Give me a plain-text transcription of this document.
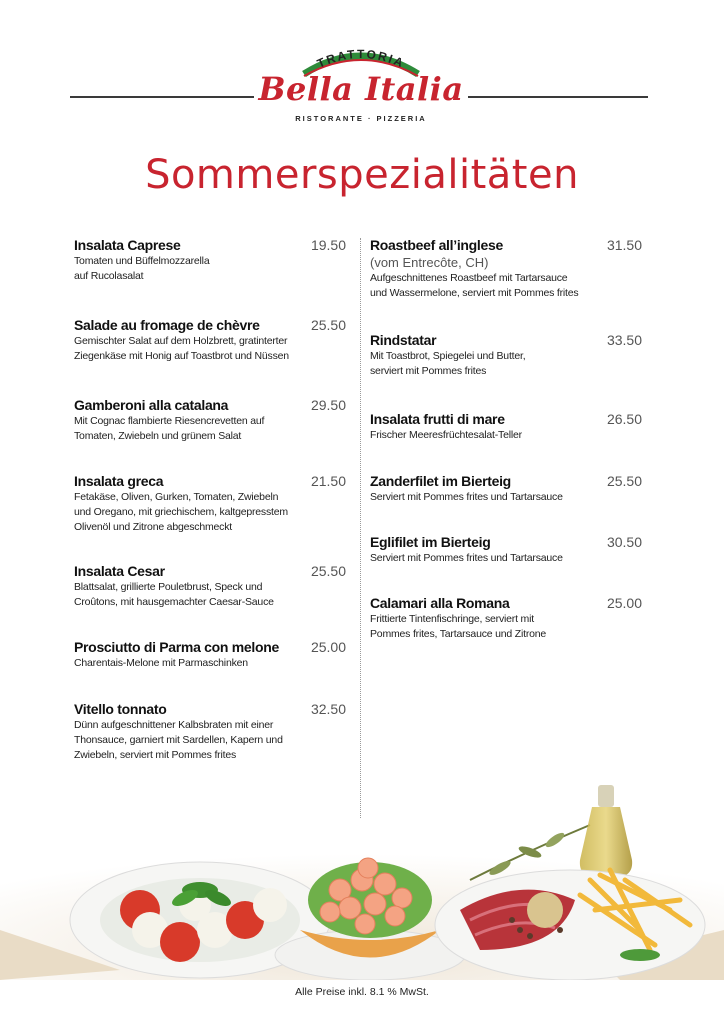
TRATTORIA
Bella Italia
RISTORANTE · PIZZERIA
Sommerspezialitäten
Insalata Caprese	19.50
Tomaten und Büffelmozzarella
auf Rucolasalat
Salade au fromage de chèvre	25.50
Gemischter Salat auf dem Holzbrett, gratinterter
Ziegenkäse mit Honig auf Toastbrot und Nüssen
Gamberoni alla catalana	29.50
Mit Cognac flambierte Riesencrevetten auf
Tomaten, Zwiebeln und grünem Salat
Insalata greca	21.50
Fetakäse, Oliven, Gurken, Tomaten, Zwiebeln
und Oregano, mit griechischem, kaltgepresstem
Olivenöl und Zitrone abgeschmeckt
Insalata Cesar	25.50
Blattsalat, grillierte Pouletbrust, Speck und
Croûtons, mit hausgemachter Caesar-Sauce
Prosciutto di Parma con melone	25.00
Charentais-Melone mit Parmaschinken
Vitello tonnato	32.50
Dünn aufgeschnittener Kalbsbraten mit einer
Thonsauce, garniert mit Sardellen, Kapern und
Zwiebeln, serviert mit Pommes frites
Roastbeef all’inglese	31.50
(vom Entrecôte, CH)
Aufgeschnittenes Roastbeef mit Tartarsauce
und Wassermelone, serviert mit Pommes frites
Rindstatar	33.50
Mit Toastbrot, Spiegelei und Butter,
serviert mit Pommes frites
Insalata frutti di mare	26.50
Frischer Meeresfrüchtesalat-Teller
Zanderfilet im Bierteig	25.50
Serviert mit Pommes frites und Tartarsauce
Eglifilet im Bierteig	30.50
Serviert mit Pommes frites und Tartarsauce
Calamari alla Romana	25.00
Frittierte Tintenfischringe, serviert mit
Pommes frites, Tartarsauce und Zitrone
Alle Preise inkl. 8.1 % MwSt.
